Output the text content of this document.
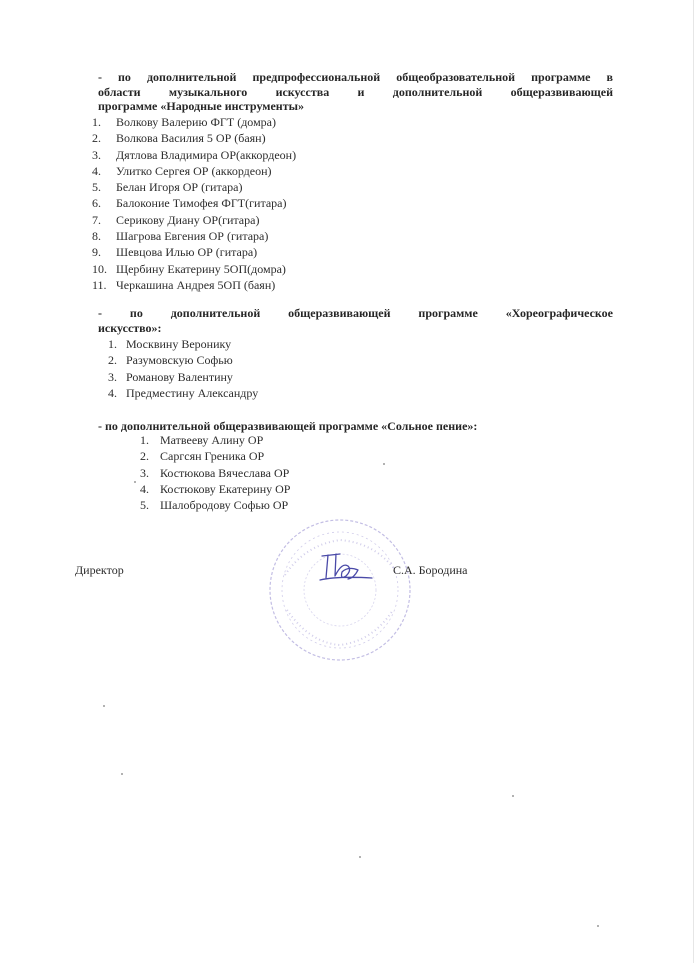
- по дополнительной предпрофессиональной общеобразовательной программе в
области музыкального искусства и дополнительной общеразвивающей
программе «Народные инструменты»
1. Волкову Валерию ФГТ (домра)
2. Волкова Василия 5 ОР (баян)
3. Дятлова Владимира ОР(аккордеон)
4. Улитко Сергея ОР (аккордеон)
5. Белан Игоря ОР (гитара)
6. Балоконие Тимофея ФГТ(гитара)
7. Серикову Диану ОР(гитара)
8. Шагрова Евгения ОР (гитара)
9. Шевцова Илью ОР (гитара)
10. Щербину Екатерину 5ОП(домра)
11. Черкашина Андрея 5ОП (баян)
- по дополнительной общеразвивающей программе «Хореографическое
искусство»:
1. Москвину Веронику
2. Разумовскую Софью
3. Романову Валентину
4. Предместину Александру
- по дополнительной общеразвивающей программе «Сольное пение»:
1. Матвееву Алину ОР
2. Саргсян Греника ОР
3. Костюкова Вячеслава ОР
4. Костюкову Екатерину ОР
5. Шалобродову Софью ОР
Директор	С.А. Бородина
